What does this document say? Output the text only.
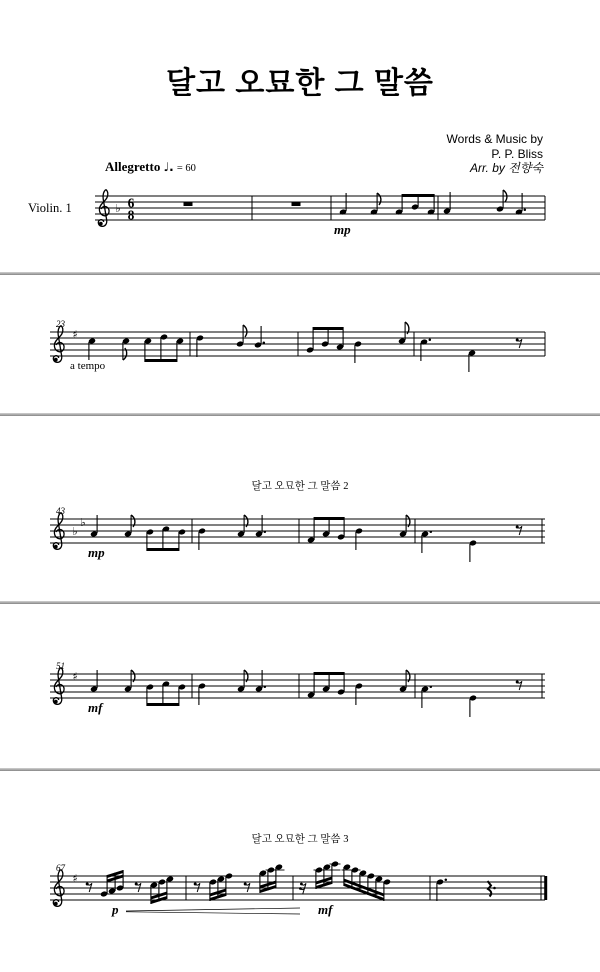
달고 오묘한 그 말씀
Words & Music by
P. P. Bliss
Arr. by 전향숙
Allegretto ♩. = 60
Violin. 1
달고 오묘한 그 말씀 2
달고 오묘한 그 말씀 3
♭ 6
8
mp
23
♯
a tempo
43
♭
♭
mp
51
♯
mf
67
♯
p	mf
